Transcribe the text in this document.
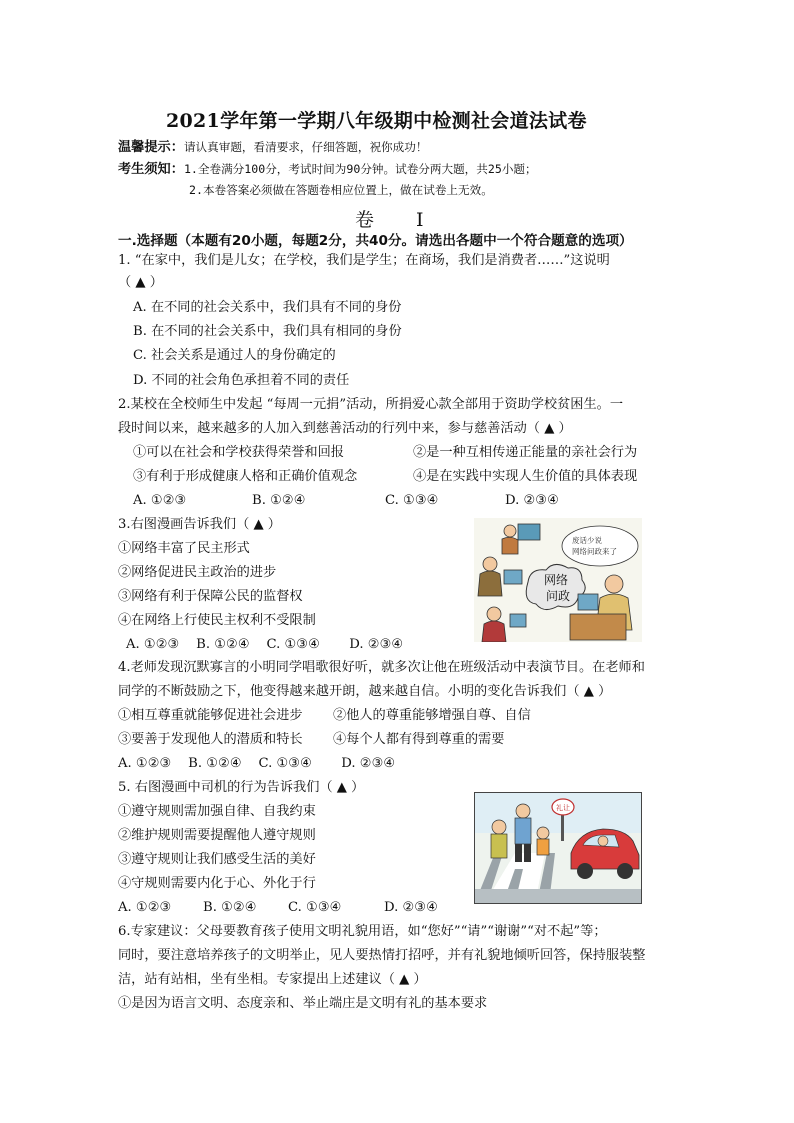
2021学年第一学期八年级期中检测社会道法试卷
温馨提示：请认真审题，看清要求，仔细答题，祝你成功！
考生须知：1.全卷满分100分，考试时间为90分钟。试卷分两大题，共25小题；
2.本卷答案必须做在答题卷相应位置上，做在试卷上无效。
卷 Ⅰ
一.选择题（本题有20小题，每题2分，共40分。请选出各题中一个符合题意的选项）
1. “在家中，我们是儿女；在学校，我们是学生；在商场，我们是消费者……”这说明
（ ▲ ）
A. 在不同的社会关系中，我们具有不同的身份
B. 在不同的社会关系中，我们具有相同的身份
C. 社会关系是通过人的身份确定的
D. 不同的社会角色承担着不同的责任
2.某校在全校师生中发起 “每周一元捐”活动，所捐爱心款全部用于资助学校贫困生。一
段时间以来，越来越多的人加入到慈善活动的行列中来，参与慈善活动（ ▲ ）
①可以在社会和学校获得荣誉和回报	②是一种互相传递正能量的亲社会行为
③有利于形成健康人格和正确价值观念	④是在实践中实现人生价值的具体表现
A. ①②③	B. ①②④	C. ①③④	D. ②③④
3.右图漫画告诉我们（ ▲ ）
①网络丰富了民主形式
②网络促进民主政治的进步
③网络有利于保障公民的监督权
④在网络上行使民主权利不受限制
A. ①②③    B. ①②④    C. ①③④       D. ②③④
网络
问政
废话少说
网络问政来了
4.老师发现沉默寡言的小明同学唱歌很好听，就多次让他在班级活动中表演节目。在老师和
同学的不断鼓励之下，他变得越来越开朗，越来越自信。小明的变化告诉我们（ ▲ ）
①相互尊重就能够促进社会进步 ②他人的尊重能够增强自尊、自信
③要善于发现他人的潜质和特长 ④每个人都有得到尊重的需要
A. ①②③    B. ①②④    C. ①③④       D. ②③④
5. 右图漫画中司机的行为告诉我们（ ▲ ）
①遵守规则需加强自律、自我约束
②维护规则需要提醒他人遵守规则
③遵守规则让我们感受生活的美好
④守规则需要内化于心、外化于行
A. ①②③ B. ①②④ C. ①③④	D. ②③④
礼让
6.专家建议：父母要教育孩子使用文明礼貌用语，如“您好”“请”“谢谢”“对不起”等；
同时，要注意培养孩子的文明举止，见人要热情打招呼，并有礼貌地倾听回答，保持服装整
洁，站有站相，坐有坐相。专家提出上述建议（ ▲ ）
①是因为语言文明、态度亲和、举止端庄是文明有礼的基本要求
